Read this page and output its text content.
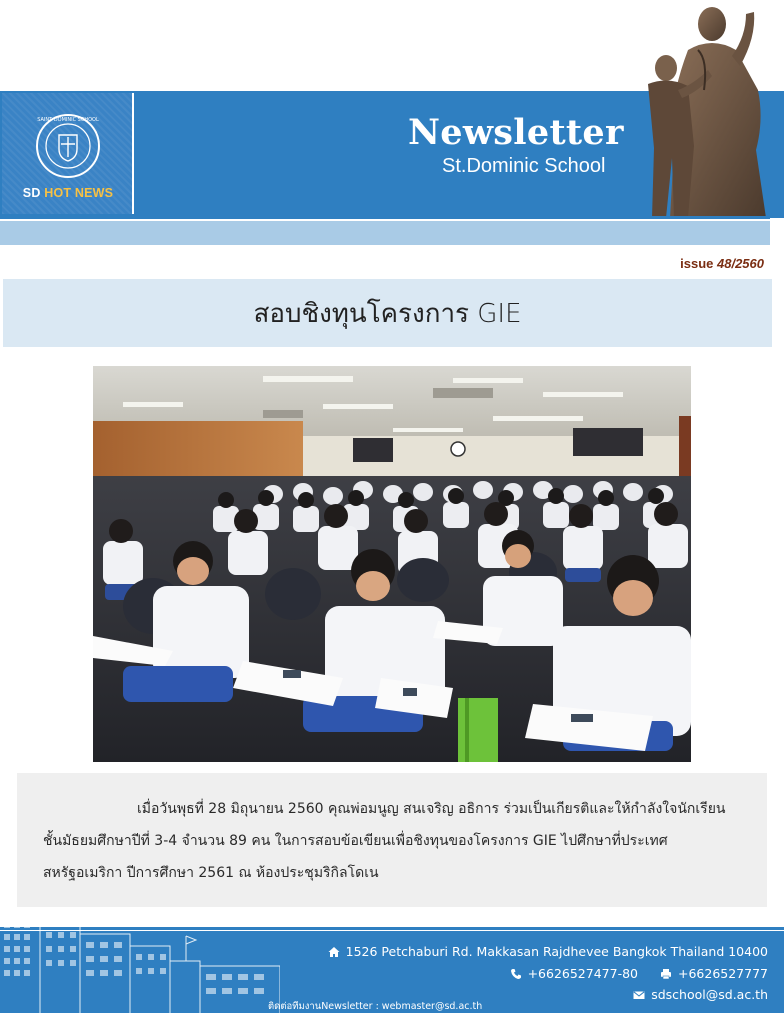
SAINT DOMINIC SCHOOL
SD HOT NEWS
Newsletter
St.Dominic School
issue 48/2560
สอบชิงทุนโครงการ GIE

เมื่อวันพุธที่ 28 มิถุนายน 2560 คุณพ่อมนูญ สนเจริญ อธิการ ร่วมเป็นเกียรติและให้กำลังใจนักเรียนชั้นมัธยมศึกษาปีที่ 3-4 จำนวน 89 คน ในการสอบข้อเขียนเพื่อชิงทุนของโครงการ GIE ไปศึกษาที่ประเทศสหรัฐอเมริกา ปีการศึกษา 2561 ณ ห้องประชุมริกิลโดเน

1526 Petchaburi Rd. Makkasan Rajdhevee Bangkok Thailand 10400
+6626527477-80	+6626527777
sdschool@sd.ac.th
ติดต่อทีมงานNewsletter : webmaster@sd.ac.th
